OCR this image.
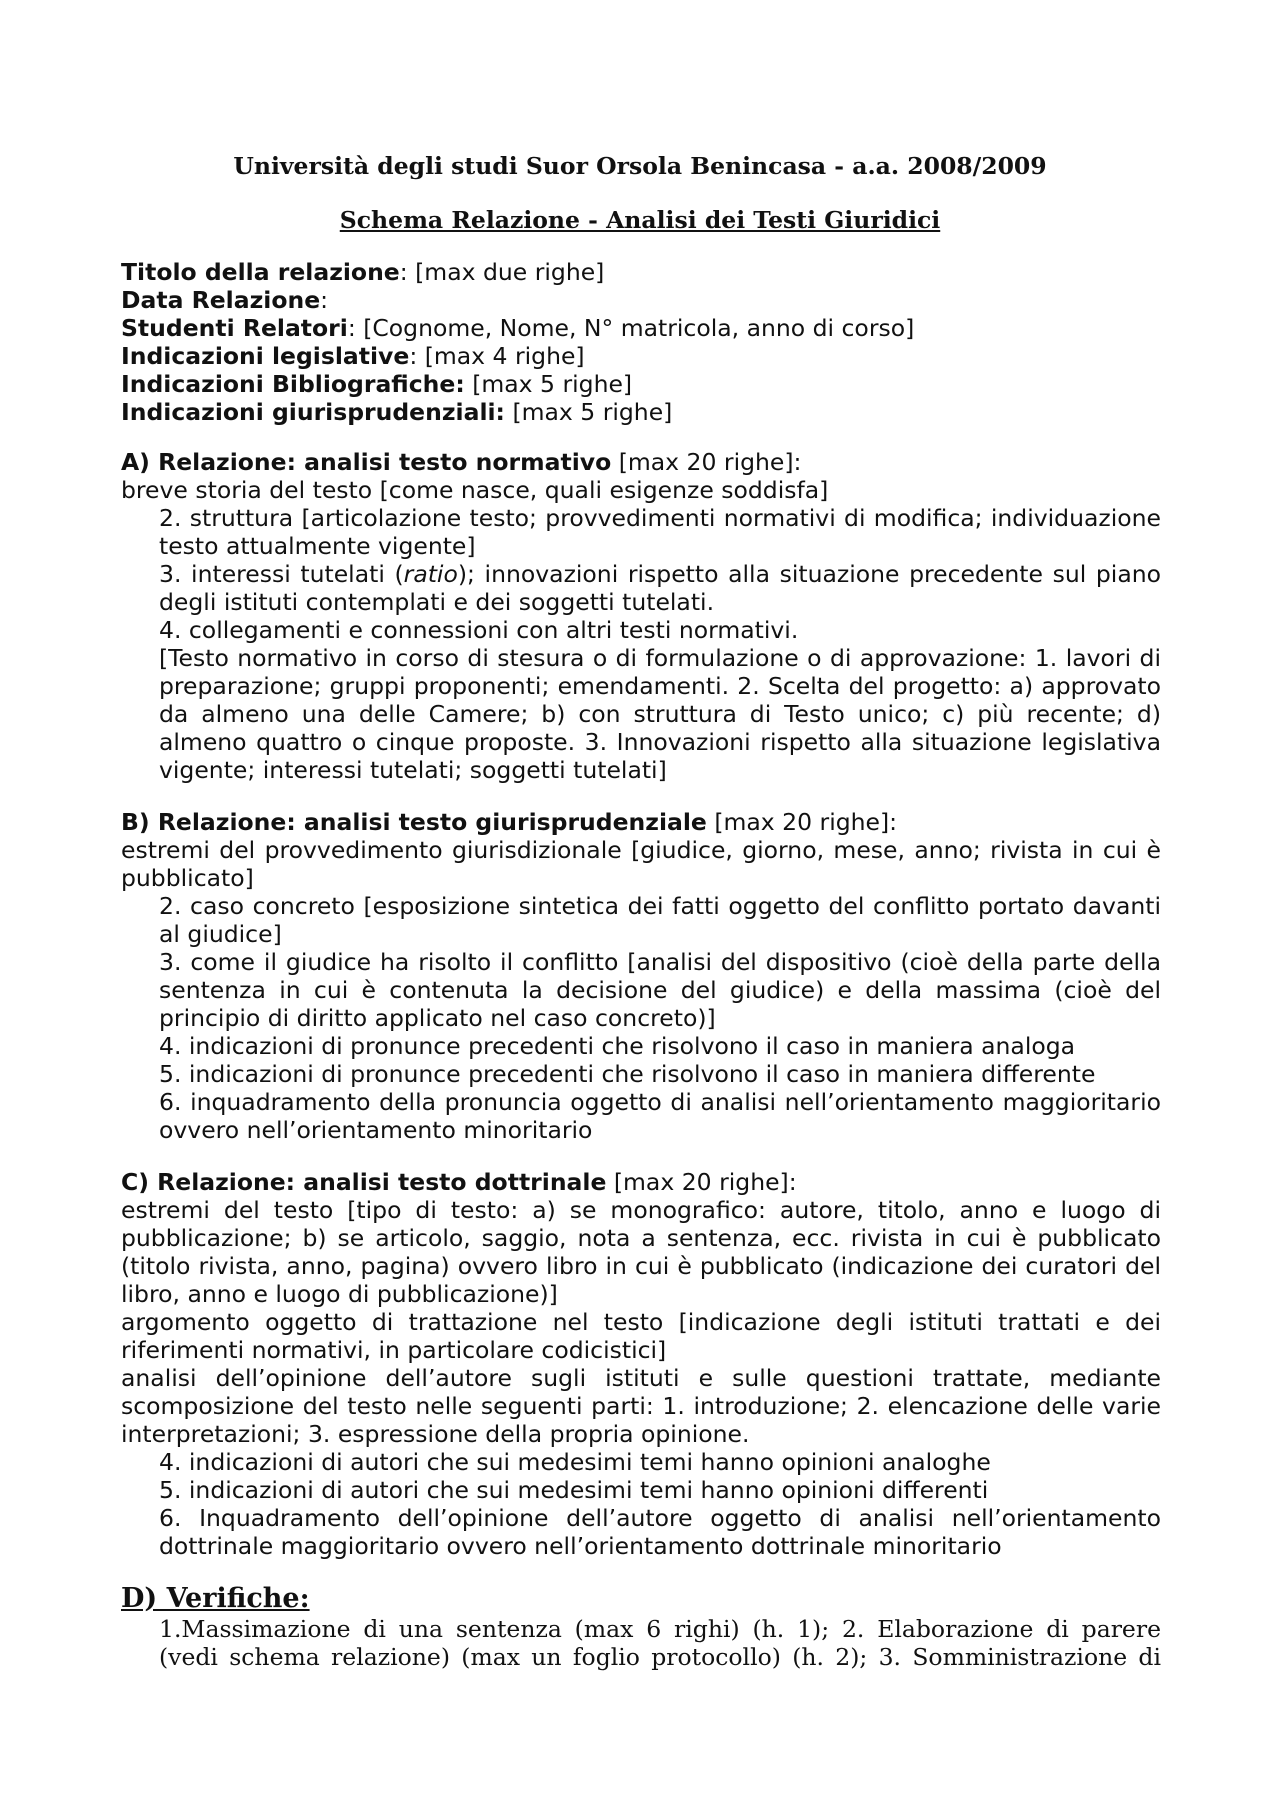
Università degli studi Suor Orsola Benincasa - a.a. 2008/2009
Schema Relazione - Analisi dei Testi Giuridici

Titolo della relazione: [max due righe]

Data Relazione:

Studenti Relatori: [Cognome, Nome, N° matricola, anno di corso]

Indicazioni legislative: [max 4 righe]

Indicazioni Bibliografiche: [max 5 righe]

Indicazioni giurisprudenziali: [max 5 righe]

A) Relazione: analisi testo normativo [max 20 righe]:

breve storia del testo [come nasce, quali esigenze soddisfa]

2. struttura [articolazione testo; provvedimenti normativi di modifica; individuazione testo attualmente vigente]

3. interessi tutelati (ratio); innovazioni rispetto alla situazione precedente sul piano degli istituti contemplati e dei soggetti tutelati.

4. collegamenti e connessioni con altri testi normativi.

[Testo normativo in corso di stesura o di formulazione o di approvazione: 1. lavori di preparazione; gruppi proponenti; emendamenti. 2. Scelta del progetto: a) approvato da almeno una delle Camere; b) con struttura di Testo unico; c) più recente; d) almeno quattro o cinque proposte. 3. Innovazioni rispetto alla situazione legislativa vigente; interessi tutelati; soggetti tutelati]

B) Relazione: analisi testo giurisprudenziale [max 20 righe]:

estremi del provvedimento giurisdizionale [giudice, giorno, mese, anno; rivista in cui è pubblicato]

2. caso concreto [esposizione sintetica dei fatti oggetto del conflitto portato davanti al giudice]

3. come il giudice ha risolto il conflitto [analisi del dispositivo (cioè della parte della sentenza in cui è contenuta la decisione del giudice) e della massima (cioè del principio di diritto applicato nel caso concreto)]

4. indicazioni di pronunce precedenti che risolvono il caso in maniera analoga

5. indicazioni di pronunce precedenti che risolvono il caso in maniera differente

6. inquadramento della pronuncia oggetto di analisi nell’orientamento maggioritario ovvero nell’orientamento minoritario

C) Relazione: analisi testo dottrinale [max 20 righe]:

estremi del testo [tipo di testo: a) se monografico: autore, titolo, anno e luogo di pubblicazione; b) se articolo, saggio, nota a sentenza, ecc. rivista in cui è pubblicato (titolo rivista, anno, pagina) ovvero libro in cui è pubblicato (indicazione dei curatori del libro, anno e luogo di pubblicazione)]

argomento oggetto di trattazione nel testo [indicazione degli istituti trattati e dei riferimenti normativi, in particolare codicistici]

analisi dell’opinione dell’autore sugli istituti e sulle questioni trattate, mediante scomposizione del testo nelle seguenti parti: 1. introduzione; 2. elencazione delle varie interpretazioni; 3. espressione della propria opinione.

4. indicazioni di autori che sui medesimi temi hanno opinioni analoghe

5. indicazioni di autori che sui medesimi temi hanno opinioni differenti

6. Inquadramento dell’opinione dell’autore oggetto di analisi nell’orientamento dottrinale maggioritario ovvero nell’orientamento dottrinale minoritario

D) Verifiche:

1.Massimazione di una sentenza (max 6 righi) (h. 1); 2. Elaborazione di parere (vedi schema relazione) (max un foglio protocollo) (h. 2); 3. Somministrazione di
